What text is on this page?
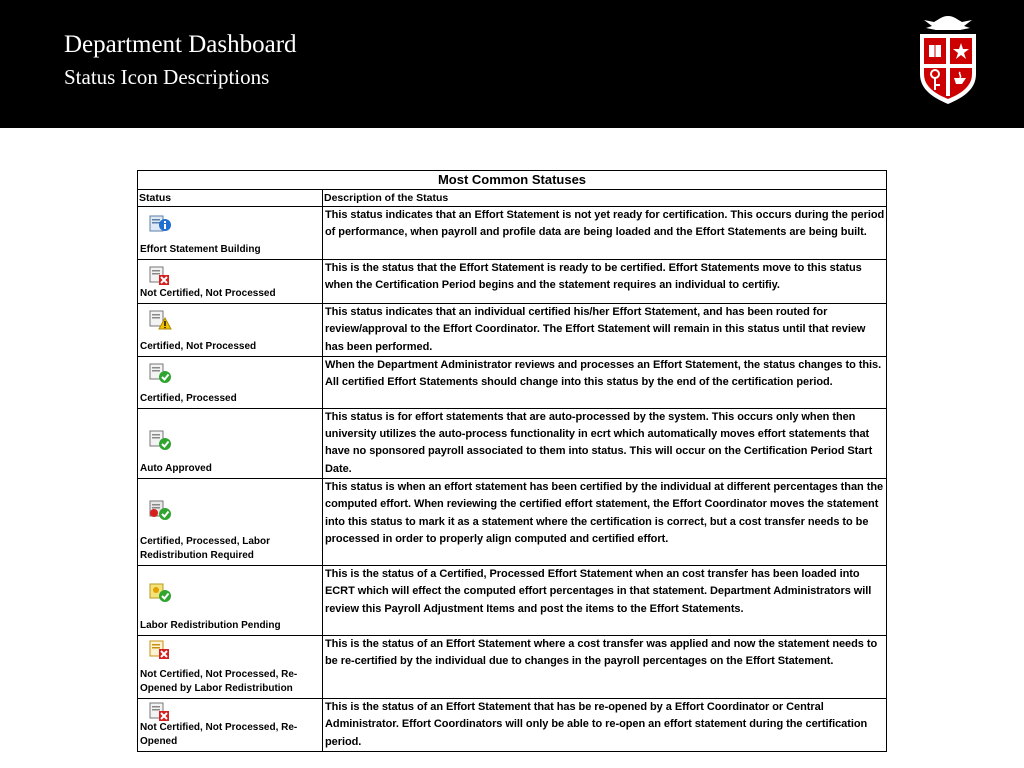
Department Dashboard
Status Icon Descriptions
Most Common Statuses	
Status	Description of the Status

Effort Statement Building	This status indicates that an Effort Statement is not yet ready for certification. This occurs during the period of performance, when payroll and profile data are being loaded and the Effort Statements are being built.

Not Certified, Not Processed	This is the status that the Effort Statement is ready to be certified. Effort Statements move to this status when the Certification Period begins and the statement requires an individual to certifiy.

Certified, Not Processed	This status indicates that an individual certified his/her Effort Statement, and has been routed for review/approval to the Effort Coordinator. The Effort Statement will remain in this status until that review has been performed.

Certified, Processed	When the Department Administrator reviews and processes an Effort Statement, the status changes to this. All certified Effort Statements should change into this status by the end of the certification period.

Auto Approved	This status is for effort statements that are auto-processed by the system. This occurs only when then university utilizes the auto-process functionality in ecrt which automatically moves effort statements that have no sponsored payroll associated to them into status. This will occur on the Certification Period Start Date.

Certified, Processed, Labor Redistribution Required	This status is when an effort statement has been certified by the individual at different percentages than the computed effort. When reviewing the certified effort statement, the Effort Coordinator moves the statement into this status to mark it as a statement where the certification is correct, but a cost transfer needs to be processed in order to properly align computed and certified effort.

Labor Redistribution Pending	This is the status of a Certified, Processed Effort Statement when an cost transfer has been loaded into ECRT which will effect the computed effort percentages in that statement. Department Administrators will review this Payroll Adjustment Items and post the items to the Effort Statements.

Not Certified, Not Processed, Re-Opened by Labor Redistribution	This is the status of an Effort Statement where a cost transfer was applied and now the statement needs to be re-certified by the individual due to changes in the payroll percentages on the Effort Statement.

Not Certified, Not Processed, Re-Opened	This is the status of an Effort Statement that has be re-opened by a Effort Coordinator or Central Administrator. Effort Coordinators will only be able to re-open an effort statement during the certification period.
